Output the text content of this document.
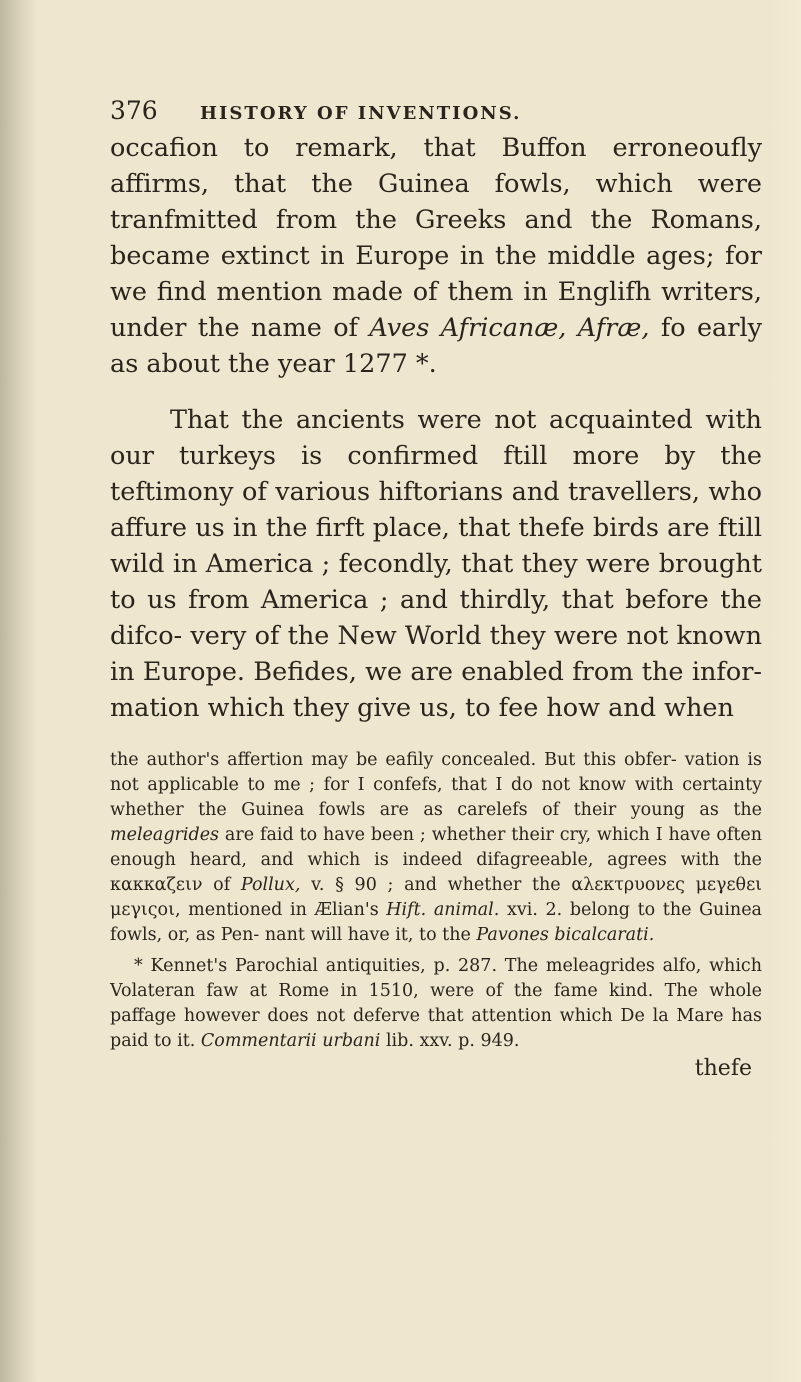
376	HISTORY OF INVENTIONS.

occafion to remark, that Buffon erroneoufly affirms, that the Guinea fowls, which were tranfmitted from the Greeks and the Romans, became extinct in Europe in the middle ages; for we find mention made of them in Englifh writers, under the name of Aves Africanæ, Afræ, fo early as about the year 1277 *.

That the ancients were not acquainted with our turkeys is confirmed ftill more by the teftimony of various hiftorians and travellers, who affure us in the firft place, that thefe birds are ftill wild in America ; fecondly, that they were brought to us from America ; and thirdly, that before the difco- very of the New World they were not known in Europe. Befides, we are enabled from the infor- mation which they give us, to fee how and when

the author's affertion may be eafily concealed. But this obfer- vation is not applicable to me ; for I confefs, that I do not know with certainty whether the Guinea fowls are as carelefs of their young as the meleagrides are faid to have been ; whether their cry, which I have often enough heard, and which is indeed difagreeable, agrees with the κακκαζειν of Pollux, v. § 90 ; and whether the αλεκτρυονες μεγεθει μεγιςοι, mentioned in Ælian's Hift. animal. xvi. 2. belong to the Guinea fowls, or, as Pen- nant will have it, to the Pavones bicalcarati.

* Kennet's Parochial antiquities, p. 287. The meleagrides alfo, which Volateran faw at Rome in 1510, were of the fame kind. The whole paffage however does not deferve that attention which De la Mare has paid to it. Commentarii urbani lib. xxv. p. 949.

thefe
